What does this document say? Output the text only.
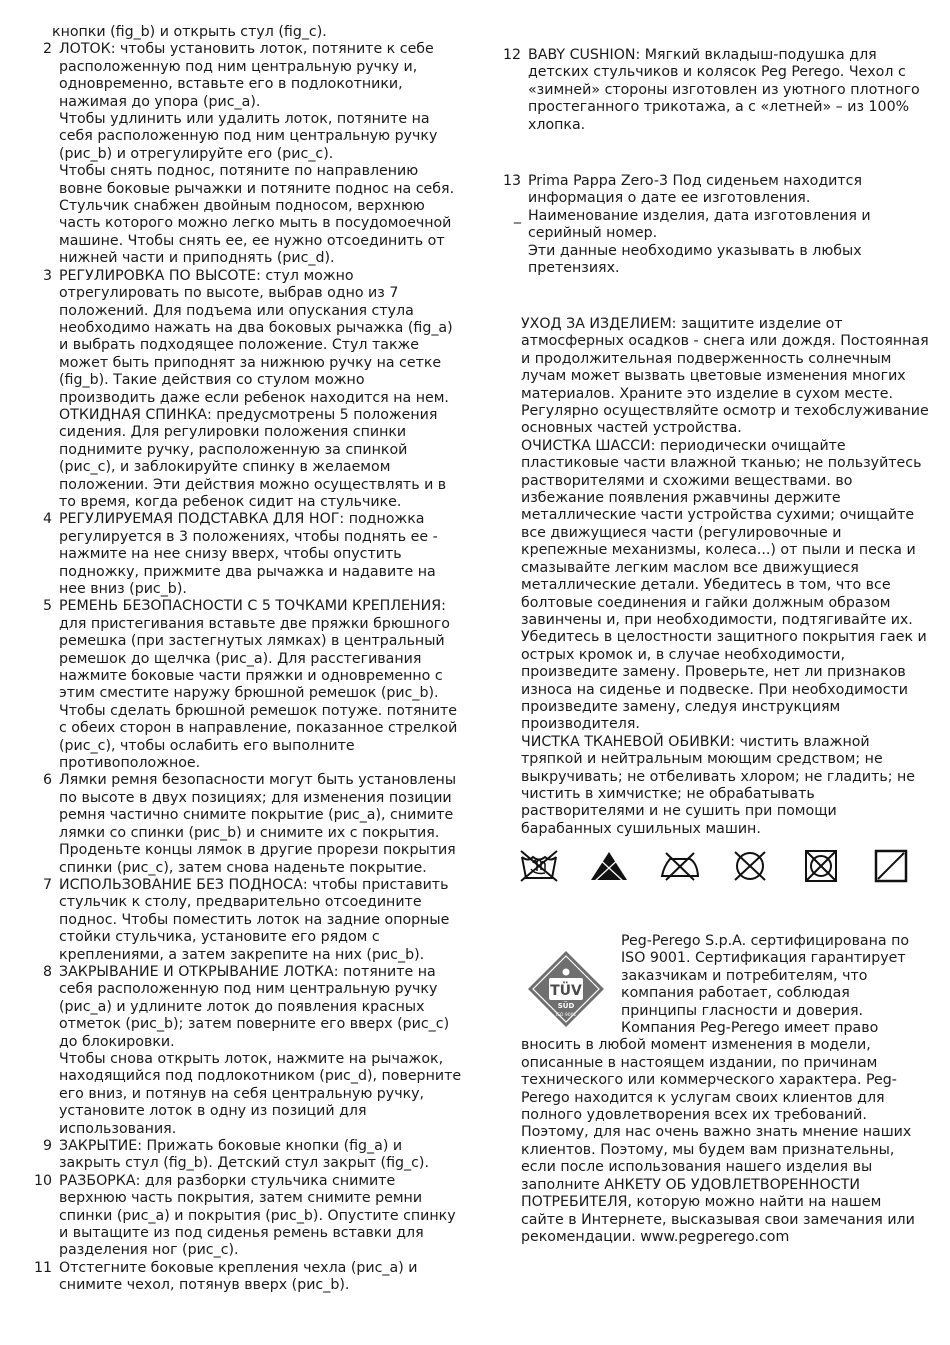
кнопки (fig_b) и открыть стул (fig_c).

2 ЛОТОК: чтобы установить лоток, потяните к себе расположенную под ним центральную ручку и, одновременно, вставьте его в подлокотники, нажимая до упора (рис_a).

Чтобы удлинить или удалить лоток, потяните на себя расположенную под ним центральную ручку (рис_b) и отрегулируйте его (рис_c).

Чтобы снять поднос, потяните по направлению вовне боковые рычажки и потяните поднос на себя. Стульчик снабжен двойным подносом, верхнюю часть которого можно легко мыть в посудомоечной машине. Чтобы снять ее, ее нужно отсоединить от нижней части и приподнять (рис_d).

3 РЕГУЛИРОВКА ПО ВЫСОТЕ: стул можно отрегулировать по высоте, выбрав одно из 7 положений. Для подъема или опускания стула необходимо нажать на два боковых рычажка (fig_a) и выбрать подходящее положение. Стул также может быть приподнят за нижнюю ручку на сетке (fig_b). Такие действия со стулом можно производить даже если ребенок находится на нем.

ОТКИДНАЯ СПИНКА: предусмотрены 5 положения сидения. Для регулировки положения спинки поднимите ручку, расположенную за спинкой (рис_c), и заблокируйте спинку в желаемом положении. Эти действия можно осуществлять и в то время, когда ребенок сидит на стульчике.

4 РЕГУЛИРУЕМАЯ ПОДСТАВКА ДЛЯ НОГ: подножка регулируется в 3 положениях, чтобы поднять ее - нажмите на нее снизу вверх, чтобы опустить подножку, прижмите два рычажка и надавите на нее вниз (рис_b).

5 РЕМЕНЬ БЕЗОПАСНОСТИ С 5 ТОЧКАМИ КРЕПЛЕНИЯ: для пристегивания вставьте две пряжки брюшного ремешка (при застегнутых лямках) в центральный ремешок до щелчка (рис_a). Для расстегивания нажмите боковые части пряжки и одновременно с этим сместите наружу брюшной ремешок (рис_b).

Чтобы сделать брюшной ремешок потуже. потяните с обеих сторон в направление, показанное стрелкой (рис_c), чтобы ослабить его выполните противоположное.

6 Лямки ремня безопасности могут быть установлены по высоте в двух позициях; для изменения позиции ремня частично снимите покрытие (рис_a), снимите лямки со спинки (рис_b) и снимите их с покрытия. Проденьте концы лямок в другие прорези покрытия спинки (рис_c), затем снова наденьте покрытие.

7 ИСПОЛЬЗОВАНИЕ БЕЗ ПОДНОСА: чтобы приставить стульчик к столу, предварительно отсоедините поднос. Чтобы поместить лоток на задние опорные стойки стульчика, установите его рядом с креплениями, а затем закрепите на них (рис_b).

8 ЗАКРЫВАНИЕ И ОТКРЫВАНИЕ ЛОТКА: потяните на себя расположенную под ним центральную ручку (рис_a) и удлините лоток до появления красных отметок (рис_b); затем поверните его вверх (рис_c) до блокировки.

Чтобы снова открыть лоток, нажмите на рычажок, находящийся под подлокотником (рис_d), поверните его вниз, и потянув на себя центральную ручку, установите лоток в одну из позиций для использования.

9 ЗАКРЫТИЕ: Прижать боковые кнопки (fig_a) и закрыть стул (fig_b). Детский стул закрыт (fig_c).

10 РАЗБОРКА: для разборки стульчика снимите верхнюю часть покрытия, затем снимите ремни спинки (рис_a) и покрытия (рис_b). Опустите спинку и вытащите из под сиденья ремень вставки для разделения ног (рис_c).

11 Отстегните боковые крепления чехла (рис_a) и снимите чехол, потянув вверх (рис_b).

12 BABY CUSHION: Мягкий вкладыш-подушка для детских стульчиков и колясок Peg Perego. Чехол с «зимней» стороны изготовлен из уютного плотного простеганного трикотажа, а с «летней» – из 100% хлопка.

13 Prima Pappa Zero-3 Под сиденьем находится информация о дате ее изготовления.

_ Наименование изделия, дата изготовления и серийный номер.

Эти данные необходимо указывать в любых претензиях.

УХОД ЗА ИЗДЕЛИЕМ: защитите изделие от атмосферных осадков - снега или дождя. Постоянная и продолжительная подверженность солнечным лучам может вызвать цветовые изменения многих материалов. Храните это изделие в сухом месте. Регулярно осуществляйте осмотр и техобслуживание основных частей устройства.

ОЧИСТКА ШАССИ: периодически очищайте пластиковые части влажной тканью; не пользуйтесь растворителями и схожими веществами. во избежание появления ржавчины держите металлические части устройства сухими; очищайте все движущиеся части (регулировочные и крепежные механизмы, колеса...) от пыли и песка и смазывайте легким маслом все движущиеся металлические детали. Убедитесь в том, что все болтовые соединения и гайки должным образом завинчены и, при необходимости, подтягивайте их. Убедитесь в целостности защитного покрытия гаек и острых кромок и, в случае необходимости, произведите замену. Проверьте, нет ли признаков износа на сиденье и подвеске. При необходимости произведите замену, следуя инструкциям производителя.

ЧИСТКА ТКАНЕВОЙ ОБИВКИ: чистить влажной тряпкой и нейтральным моющим средством; не выкручивать; не отбеливать хлором; не гладить; не чистить в химчистке; не обрабатывать растворителями и не сушить при помощи барабанных сушильных машин.

TÜV
SÜD
ISO 9001

Peg-Perego S.p.A. сертифицирована по ISO 9001. Сертификация гарантирует заказчикам и потребителям, что компания работает, соблюдая принципы гласности и доверия.

Компания Peg-Perego имеет право вносить в любой момент изменения в модели, описанные в настоящем издании, по причинам технического или коммерческого характера. Peg-Perego находится к услугам своих клиентов для полного удовлетворения всех их требований. Поэтому, для нас очень важно знать мнение наших клиентов. Поэтому, мы будем вам признательны, если после использования нашего изделия вы заполните АНКЕТУ ОБ УДОВЛЕТВОРЕННОСТИ ПОТРЕБИТЕЛЯ, которую можно найти на нашем сайте в Интернете, высказывая свои замечания или рекомендации. www.pegperego.com
